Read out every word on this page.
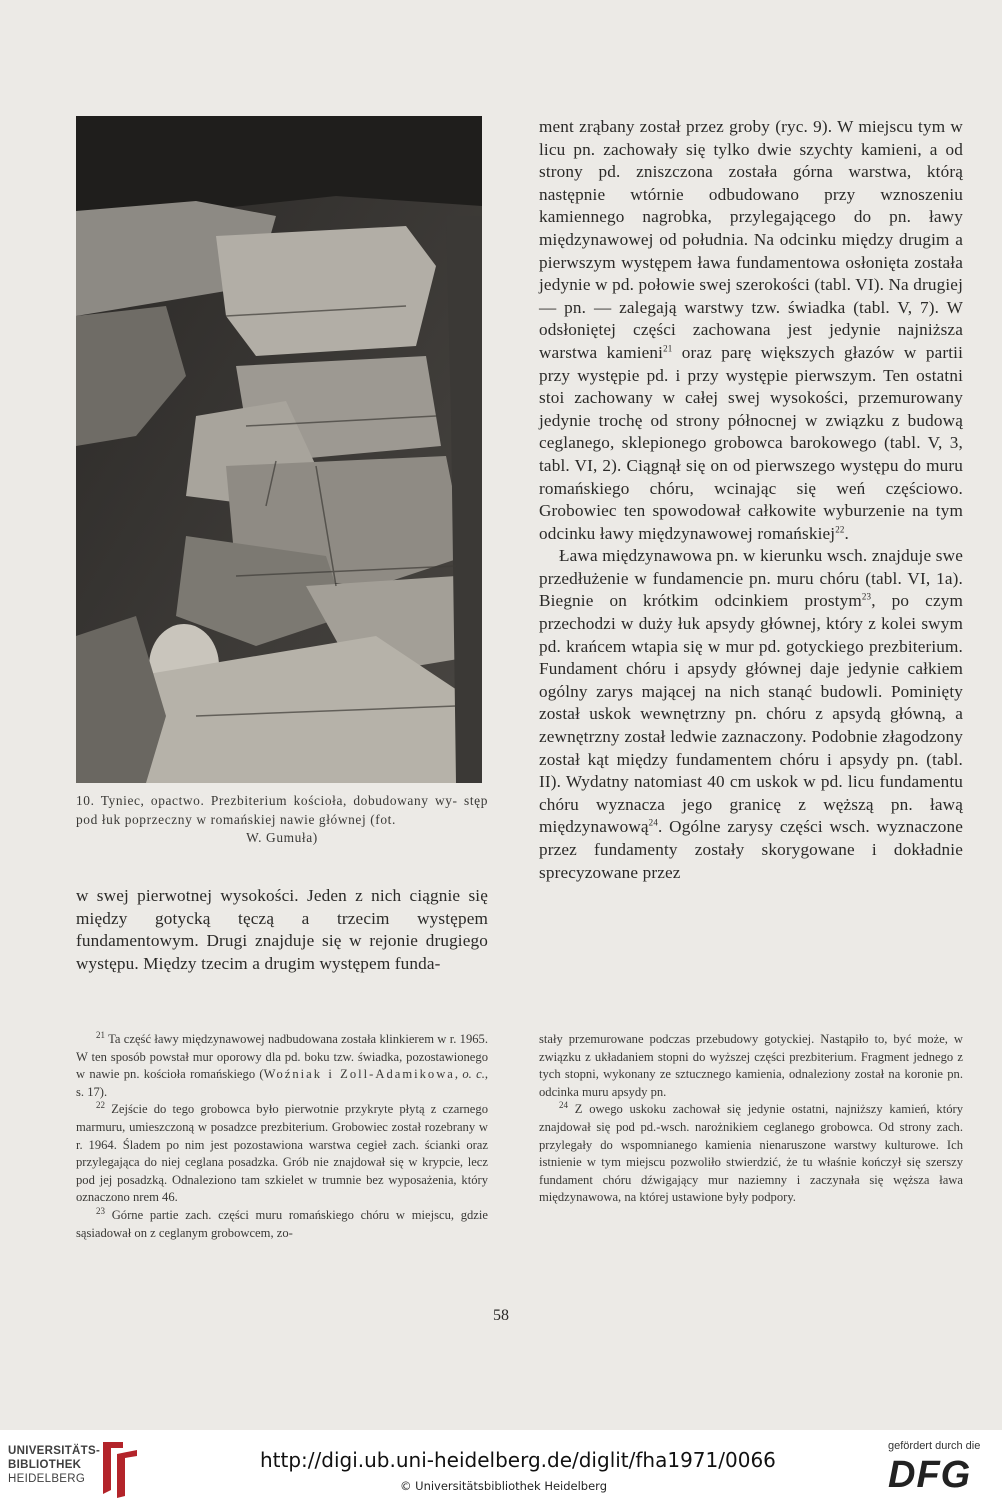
10. Tyniec, opactwo. Prezbiterium kościoła, dobudowany wy- stęp pod łuk poprzeczny w romańskiej nawie głównej (fot.
W. Gumuła)

w swej pierwotnej wysokości. Jeden z nich ciągnie się między gotycką tęczą a trzecim występem fundamentowym. Drugi znajduje się w rejonie drugiego występu. Między tzecim a drugim występem funda-

ment zrąbany został przez groby (ryc. 9). W miejscu tym w licu pn. zachowały się tylko dwie szychty kamieni, a od strony pd. zniszczona została górna warstwa, którą następnie wtórnie odbudowano przy wznoszeniu kamiennego nagrobka, przylegającego do pn. ławy międzynawowej od południa. Na odcinku między drugim a pierwszym występem ława fundamentowa osłonięta została jedynie w pd. połowie swej szerokości (tabl. VI). Na drugiej — pn. — zalegają warstwy tzw. świadka (tabl. V, 7). W odsłoniętej części zachowana jest jedynie najniższa warstwa kamieni$^{21}$ oraz parę większych głazów w partii przy występie pd. i przy występie pierwszym. Ten ostatni stoi zachowany w całej swej wysokości, przemurowany jedynie trochę od strony północnej w związku z budową ceglanego, sklepionego grobowca barokowego (tabl. V, 3, tabl. VI, 2). Ciągnął się on od pierwszego występu do muru romańskiego chóru, wcinając się weń częściowo. Grobowiec ten spowodował całkowite wyburzenie na tym odcinku ławy międzynawowej romańskiej$^{22}$.

Ława międzynawowa pn. w kierunku wsch. znajduje swe przedłużenie w fundamencie pn. muru chóru (tabl. VI, 1a). Biegnie on krótkim odcinkiem prostym$^{23}$, po czym przechodzi w duży łuk apsydy głównej, który z kolei swym pd. krańcem wtapia się w mur pd. gotyckiego prezbiterium. Fundament chóru i apsydy głównej daje jedynie całkiem ogólny zarys mającej na nich stanąć budowli. Pominięty został uskok wewnętrzny pn. chóru z apsydą główną, a zewnętrzny został ledwie zaznaczony. Podobnie złagodzony został kąt między fundamentem chóru i apsydy pn. (tabl. II). Wydatny natomiast 40 cm uskok w pd. licu fundamentu chóru wyznacza jego granicę z węższą pn. ławą międzynawową$^{24}$. Ogólne zarysy części wsch. wyznaczone przez fundamenty zostały skorygowane i dokładnie sprecyzowane przez

$^{21}$ Ta część ławy międzynawowej nadbudowana została klinkierem w r. 1965. W ten sposób powstał mur oporowy dla pd. boku tzw. świadka, pozostawionego w nawie pn. kościoła romańskiego (Woźniak i Zoll-Adamikowa, o. c., s. 17).

$^{22}$ Zejście do tego grobowca było pierwotnie przykryte płytą z czarnego marmuru, umieszczoną w posadzce prezbiterium. Grobowiec został rozebrany w r. 1964. Śladem po nim jest pozostawiona warstwa cegieł zach. ścianki oraz przylegająca do niej ceglana posadzka. Grób nie znajdował się w krypcie, lecz pod jej posadzką. Odnaleziono tam szkielet w trumnie bez wyposażenia, który oznaczono nrem 46.

$^{23}$ Górne partie zach. części muru romańskiego chóru w miejscu, gdzie sąsiadował on z ceglanym grobowcem, zo-

stały przemurowane podczas przebudowy gotyckiej. Nastąpiło to, być może, w związku z układaniem stopni do wyższej części prezbiterium. Fragment jednego z tych stopni, wykonany ze sztucznego kamienia, odnaleziony został na koronie pn. odcinka muru apsydy pn.

$^{24}$ Z owego uskoku zachował się jedynie ostatni, najniższy kamień, który znajdował się pod pd.-wsch. narożnikiem ceglanego grobowca. Od strony zach. przylegały do wspomnianego kamienia nienaruszone warstwy kulturowe. Ich istnienie w tym miejscu pozwoliło stwierdzić, że tu właśnie kończył się szerszy fundament chóru dźwigający mur naziemny i zaczynała się węższa ława międzynawowa, na której ustawione były podpory.

58
UNIVERSITÄTS-
BIBLIOTHEK
HEIDELBERG
http://digi.ub.uni-heidelberg.de/diglit/fha1971/0066
© Universitätsbibliothek Heidelberg
gefördert durch die
DFG
